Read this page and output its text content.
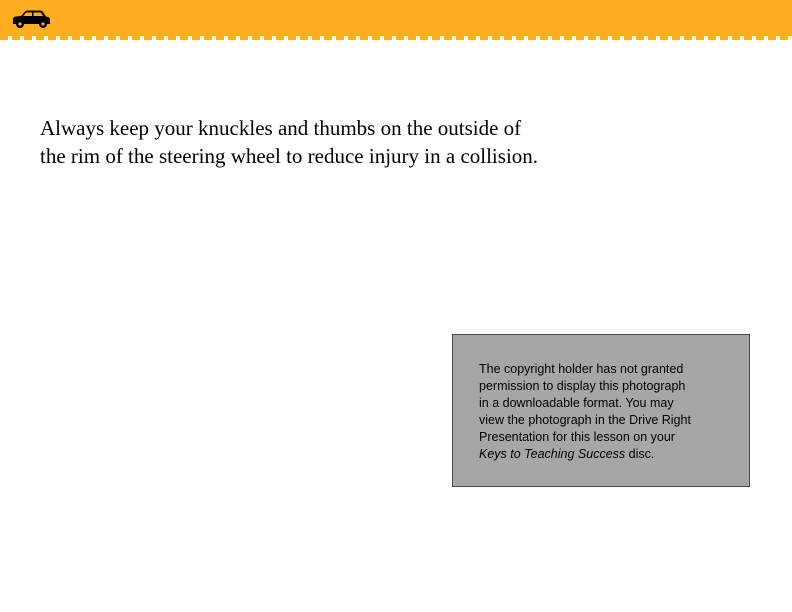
Always keep your knuckles and thumbs on the outside of
the rim of the steering wheel to reduce injury in a collision.

The copyright holder has not granted
permission to display this photograph
in a downloadable format. You may
view the photograph in the Drive Right
Presentation for this lesson on your
Keys to Teaching Success disc.
